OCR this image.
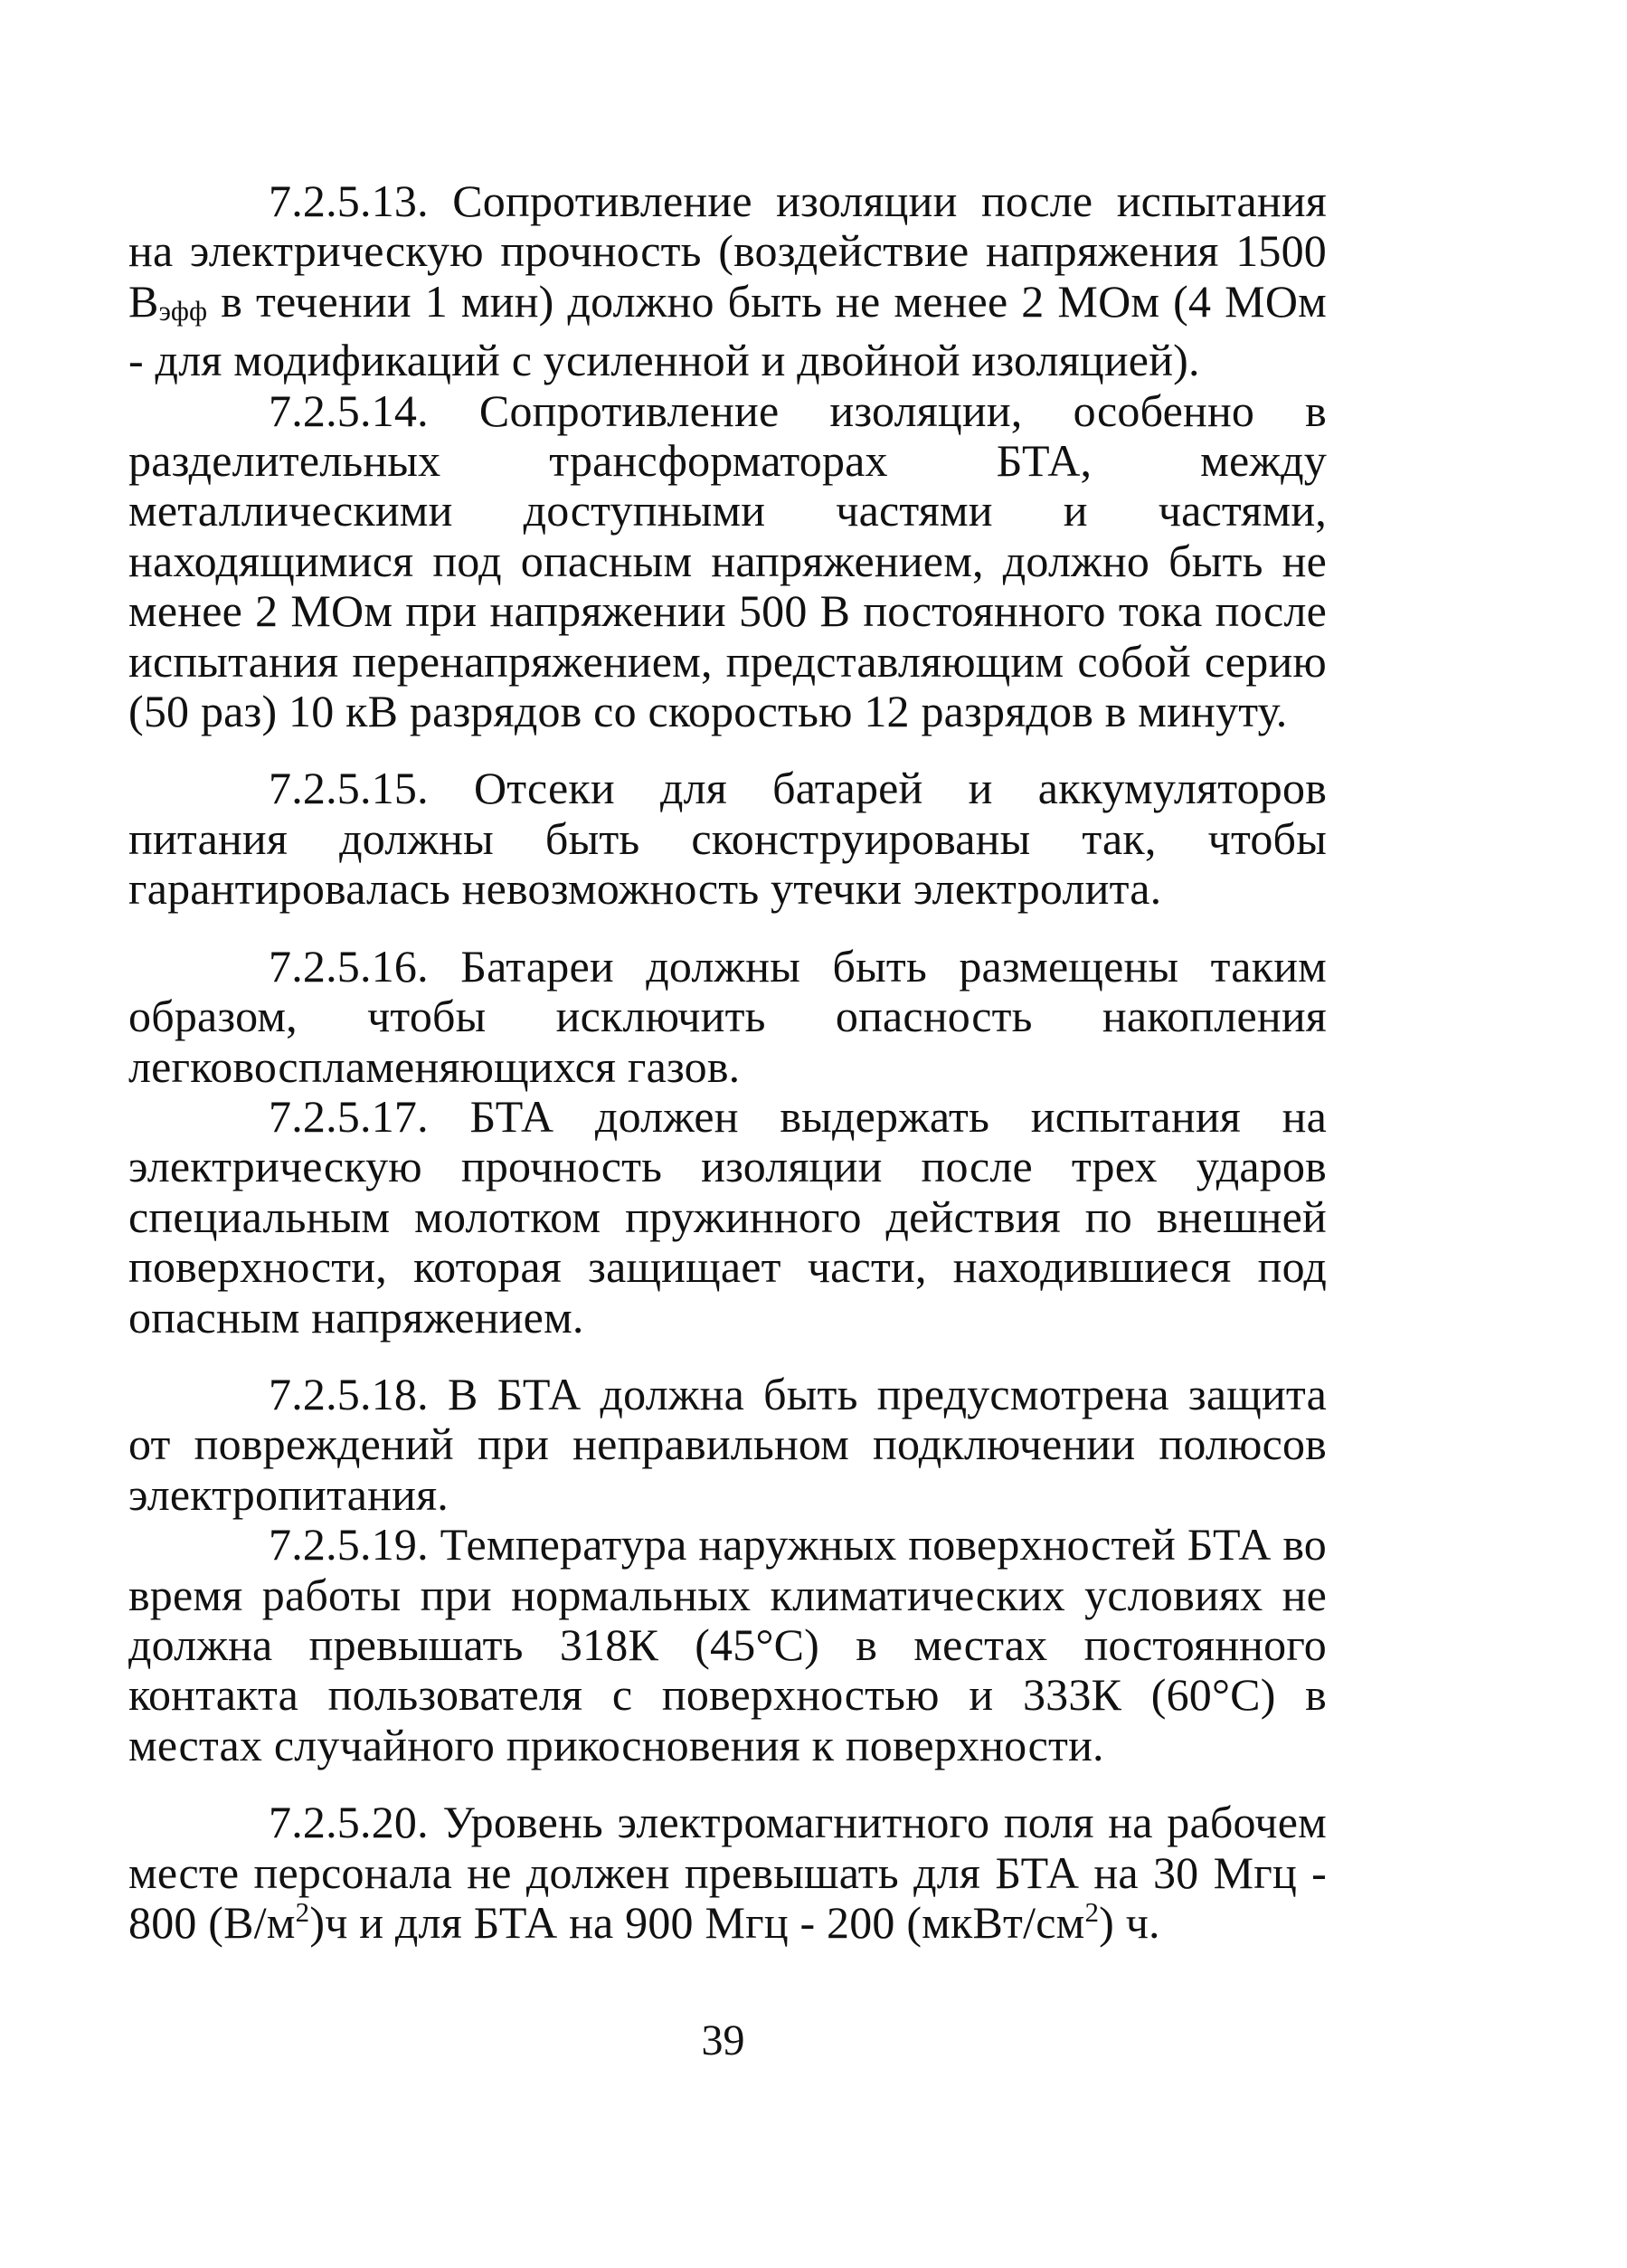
7.2.5.13. Сопротивление изоляции после испытания на электрическую прочность (воздействие напряжения 1500 $В_{эфф}$ в течении 1 мин) должно быть не менее 2 МОм (4 МОм - для модификаций с усиленной и двойной изоляцией).

7.2.5.14. Сопротивление изоляции, особенно в разделительных трансформаторах БТА, между металлическими доступными частями и частями, находящимися под опасным напряжением, должно быть не менее 2 МОм при напряжении 500 В постоянного тока после испытания перенапряжением, представляющим собой серию (50 раз) 10 кВ разрядов со скоростью 12 разрядов в минуту.

7.2.5.15. Отсеки для батарей и аккумуляторов питания должны быть сконструированы так, чтобы гарантировалась невозможность утечки электролита.

7.2.5.16. Батареи должны быть размещены таким образом, чтобы исключить опасность накопления легковоспламеняющихся газов.

7.2.5.17. БТА должен выдержать испытания на электрическую прочность изоляции после трех ударов специальным молотком пружинного действия по внешней поверхности, которая защищает части, находившиеся под опасным напряжением.

7.2.5.18. В БТА должна быть предусмотрена защита от повреждений при неправильном подключении полюсов электропитания.

7.2.5.19. Температура наружных поверхностей БТА во время работы при нормальных климатических условиях не должна превышать 318К (45°С) в местах постоянного контакта пользователя с поверхностью и 333К (60°С) в местах случайного прикосновения к поверхности.

7.2.5.20. Уровень электромагнитного поля на рабочем месте персонала не должен превышать для БТА на 30 Мгц - 800 $(В/м^2)ч$ и для БТА на 900 Мгц - 200 $(мкВт/см^2)$ ч.

39
